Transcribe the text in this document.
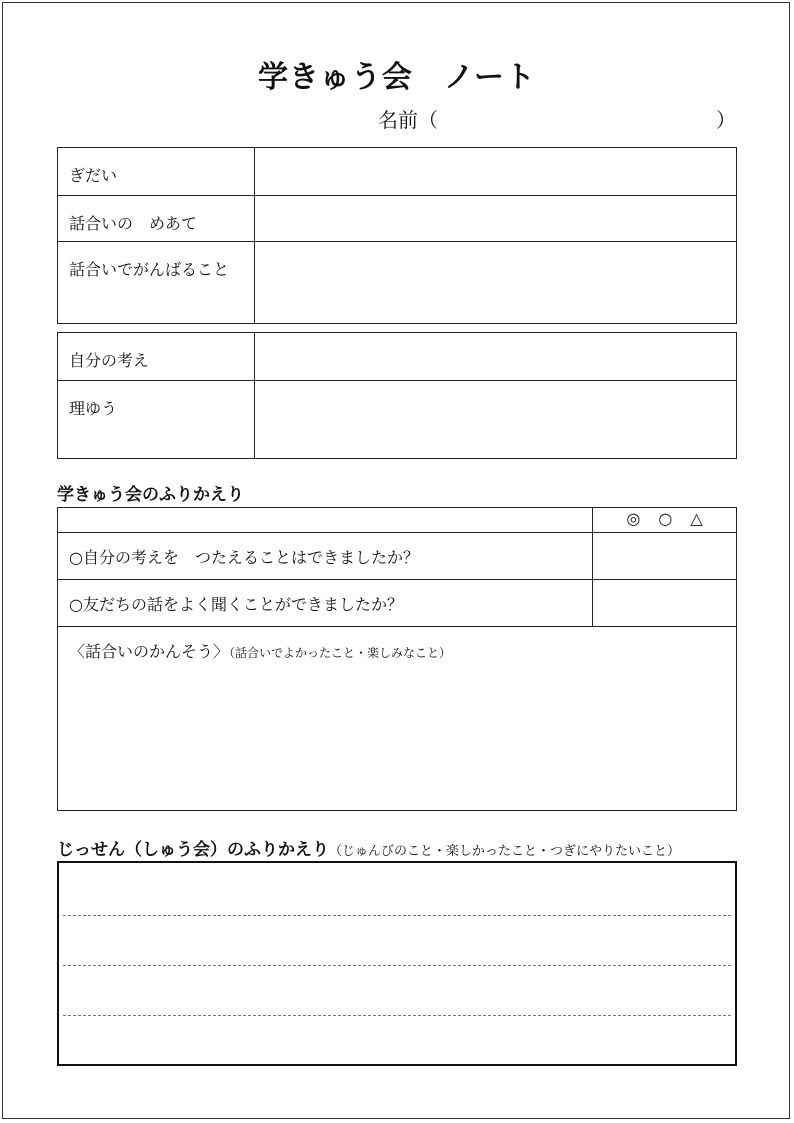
学きゅう会　ノート
名前（	）
ぎだい	
話合いの　めあて	
話合いでがんばること	
自分の考え	
理ゆう	
学きゅう会のふりかえり

	◎ ○ △

○自分の考えを　つたえることはできましたか？	
○友だちの話をよく聞くことができましたか？	
〈話合いのかんそう〉（話合いでよかったこと・楽しみなこと）	
じっせん（しゅう会）のふりかえり（じゅんびのこと・楽しかったこと・つぎにやりたいこと）
